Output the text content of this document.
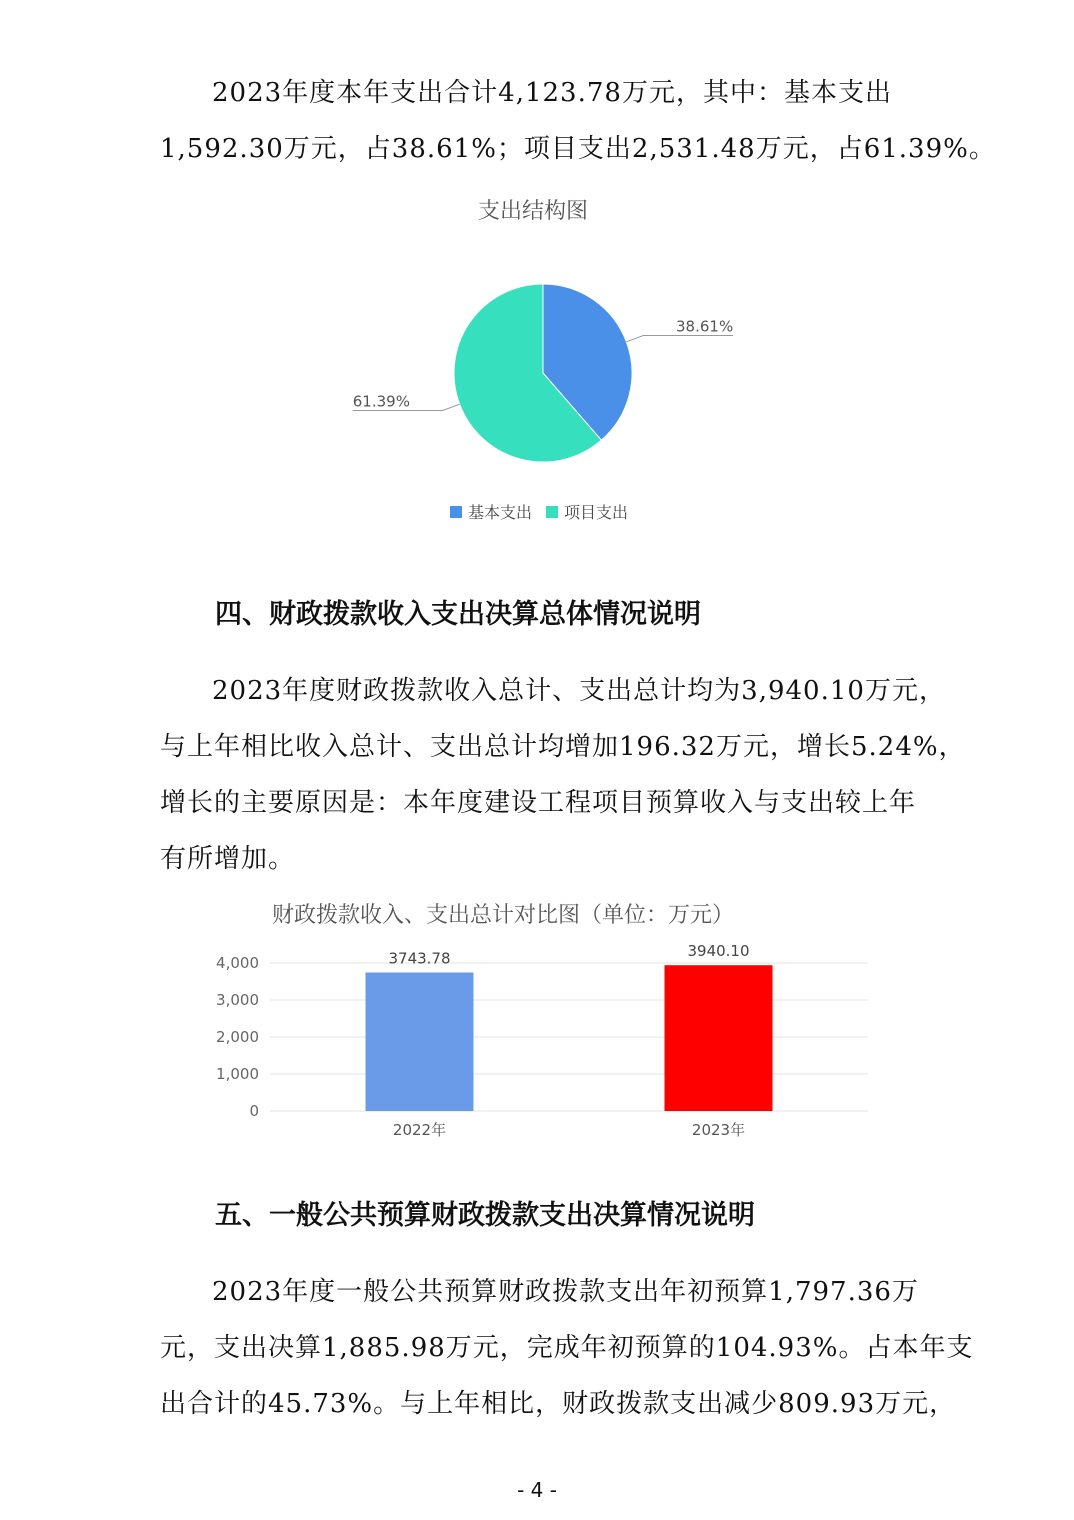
2023年度本年支出合计4,123.78万元，其中：基本支出
1,592.30万元，占38.61%；项目支出2,531.48万元，占61.39%。
支出结构图
38.61%
61.39%
基本支出 项目支出
四、财政拨款收入支出决算总体情况说明
2023年度财政拨款收入总计、支出总计均为3,940.10万元，
与上年相比收入总计、支出总计均增加196.32万元，增长5.24%，
增长的主要原因是：本年度建设工程项目预算收入与支出较上年
有所增加。
财政拨款收入、支出总计对比图（单位：万元）
0
1,000
2,000
3,000
4,000	3743.78
2022年
3940.10
2023年
五、一般公共预算财政拨款支出决算情况说明
2023年度一般公共预算财政拨款支出年初预算1,797.36万
元，支出决算1,885.98万元，完成年初预算的104.93%。占本年支
出合计的45.73%。与上年相比，财政拨款支出减少809.93万元，
- 4 -
